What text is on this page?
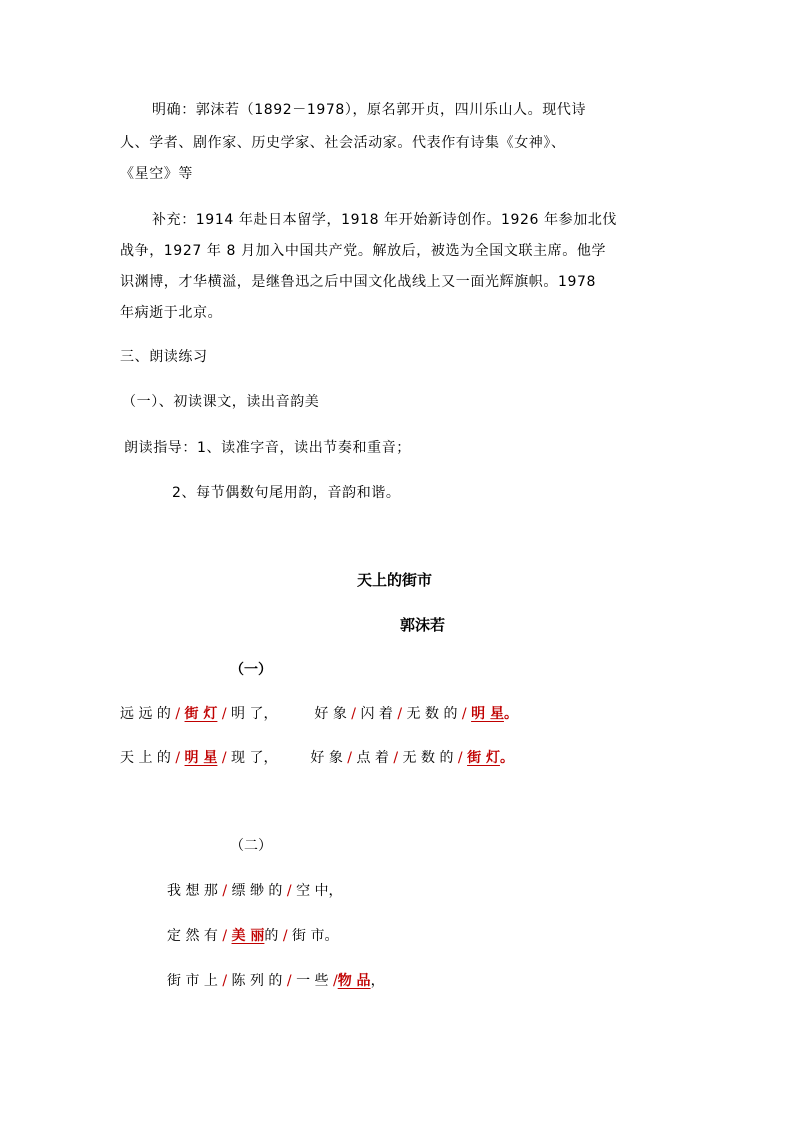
明确：郭沫若（1892－1978），原名郭开贞，四川乐山人。现代诗
人、学者、剧作家、历史学家、社会活动家。代表作有诗集《女神》、
《星空》等
补充：1914 年赴日本留学，1918 年开始新诗创作。1926 年参加北伐
战争，1927 年 8 月加入中国共产党。解放后，被选为全国文联主席。他学
识渊博，才华横溢，是继鲁迅之后中国文化战线上又一面光辉旗帜。1978
年病逝于北京。
三、朗读练习
（一）、初读课文，读出音韵美
朗读指导：1、读准字音，读出节奏和重音；
2、每节偶数句尾用韵，音韵和谐。
天上的街市
郭沫若
（一）
远 远 的 / 街 灯 / 明 了，	好 象 / 闪 着 / 无 数 的 / 明 星。
天 上 的 / 明 星 / 现 了， 好 象 / 点 着 / 无 数 的 / 街 灯。
（二）
我 想 那 / 缥 缈 的 / 空 中，
定 然 有 / 美 丽的 / 街 市。
街 市 上 / 陈 列 的 / 一 些 /物 品，
